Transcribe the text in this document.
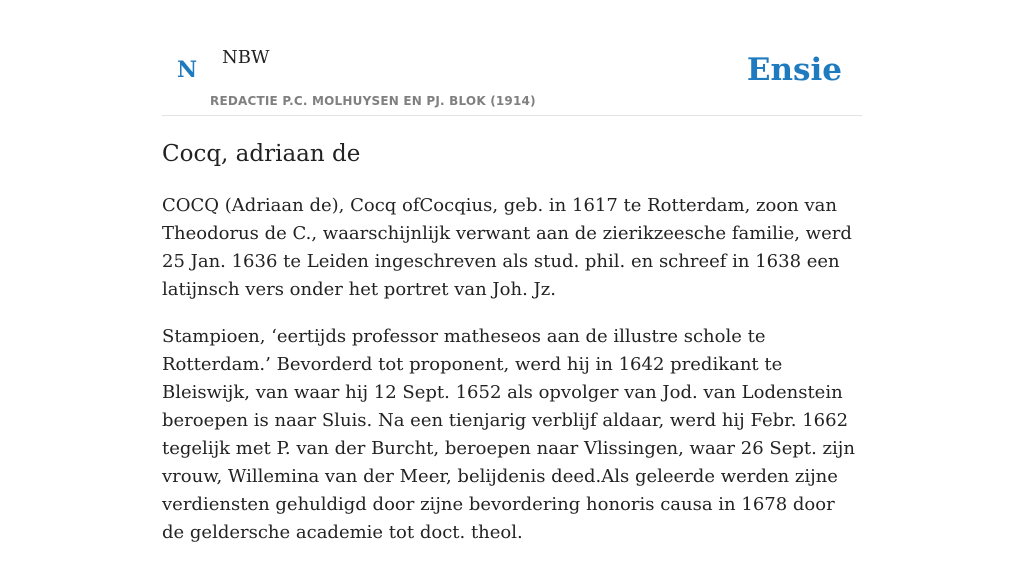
N NBW
REDACTIE P.C. MOLHUYSEN EN PJ. BLOK (1914)
Ensie
Cocq, adriaan de

COCQ (Adriaan de), Cocq ofCocqius, geb. in 1617 te Rotterdam, zoon van Theodorus de C., waarschijnlijk verwant aan de zierikzeesche familie, werd 25 Jan. 1636 te Leiden ingeschreven als stud. phil. en schreef in 1638 een latijnsch vers onder het portret van Joh. Jz.

Stampioen, ‘eertijds professor matheseos aan de illustre schole te Rotterdam.’ Bevorderd tot proponent, werd hij in 1642 predikant te Bleiswijk, van waar hij 12 Sept. 1652 als opvolger van Jod. van Lodenstein beroepen is naar Sluis. Na een tienjarig verblijf aldaar, werd hij Febr. 1662 tegelijk met P. van der Burcht, beroepen naar Vlissingen, waar 26 Sept. zijn vrouw, Willemina van der Meer, belijdenis deed.Als geleerde werden zijne verdiensten gehuldigd door zijne bevordering honoris causa in 1678 door de geldersche academie tot doct. theol.
